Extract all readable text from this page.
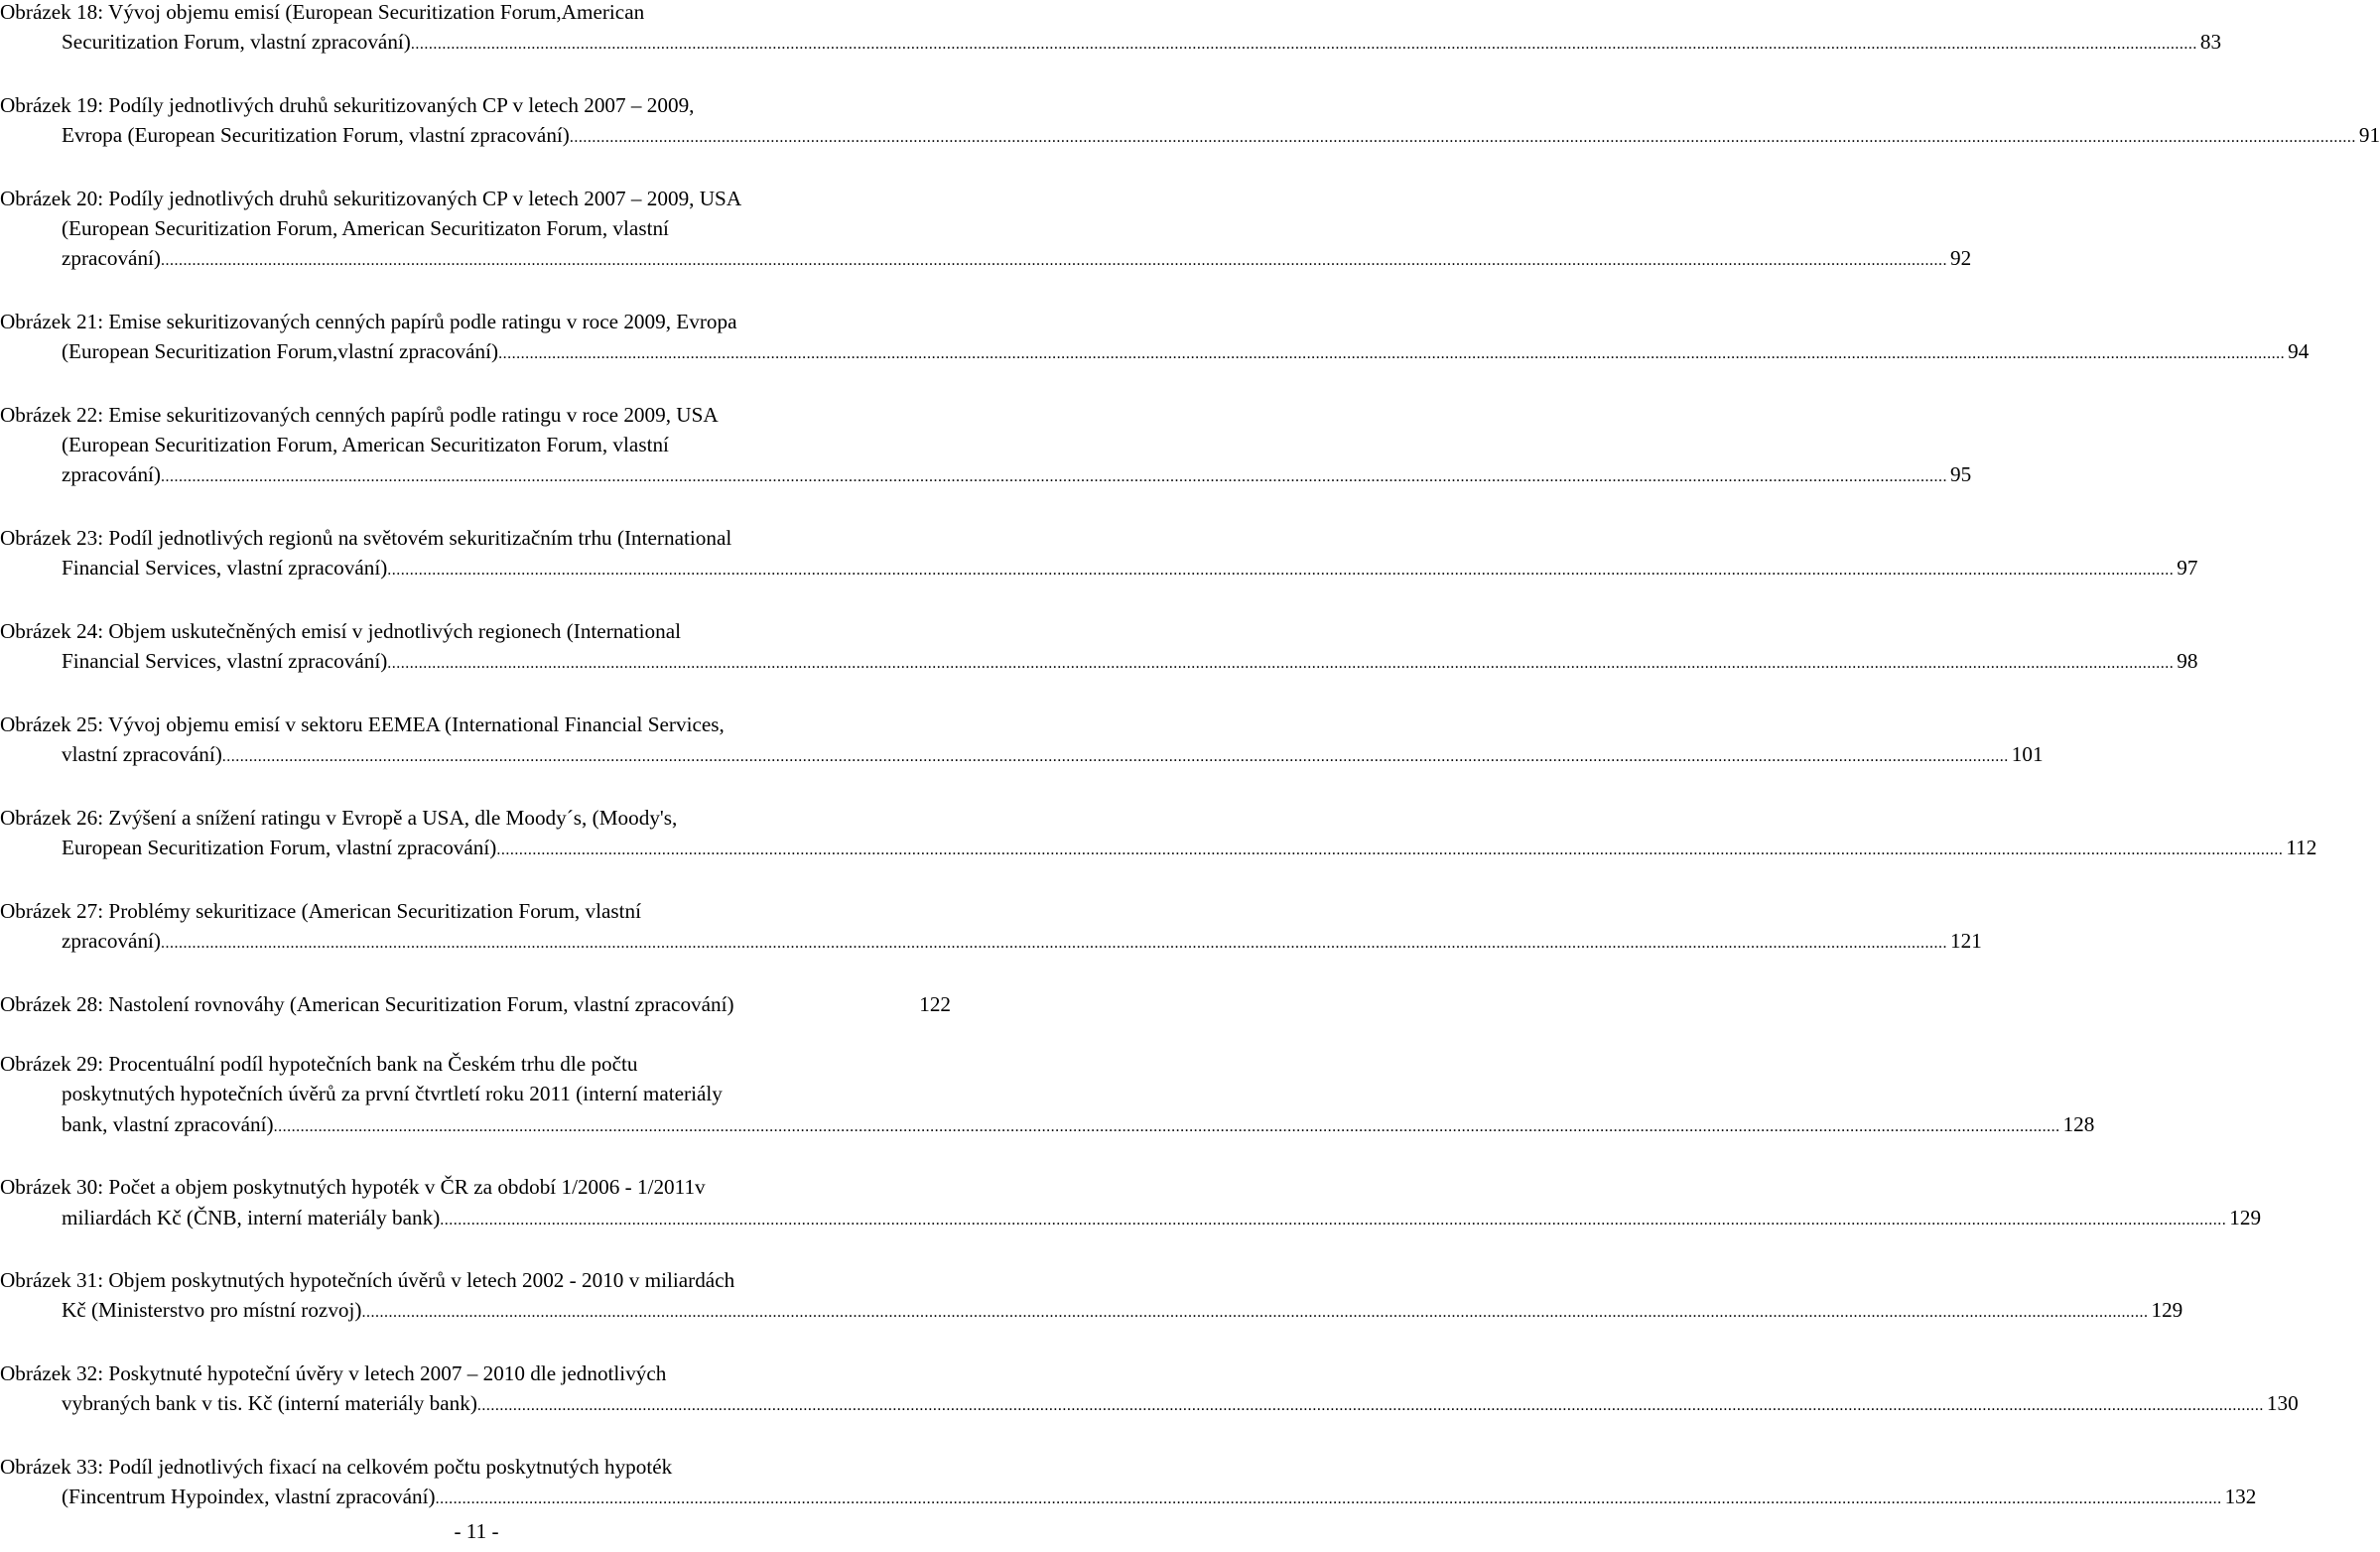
Obrázek 18: Vývoj objemu emisí (European Securitization Forum,American
Securitization Forum, vlastní zpracování) ................................................................................................................................................................................................................................................................................................................................................................................................................ 83
Obrázek 19: Podíly jednotlivých druhů sekuritizovaných CP v letech 2007 – 2009,
Evropa (European Securitization Forum, vlastní zpracování) ................................................................................................................................................................................................................................................................................................................................................................................................................ 91
Obrázek 20: Podíly jednotlivých druhů sekuritizovaných CP v letech 2007 – 2009, USA
(European Securitization Forum, American Securitizaton Forum, vlastní
zpracování) ................................................................................................................................................................................................................................................................................................................................................................................................................ 92
Obrázek 21: Emise sekuritizovaných cenných papírů podle ratingu v roce 2009, Evropa
(European Securitization Forum,vlastní zpracování) ................................................................................................................................................................................................................................................................................................................................................................................................................ 94
Obrázek 22: Emise sekuritizovaných cenných papírů podle ratingu v roce 2009, USA
(European Securitization Forum, American Securitizaton Forum, vlastní
zpracování) ................................................................................................................................................................................................................................................................................................................................................................................................................ 95
Obrázek 23: Podíl jednotlivých regionů na světovém sekuritizačním trhu (International
Financial Services, vlastní zpracování) ................................................................................................................................................................................................................................................................................................................................................................................................................ 97
Obrázek 24: Objem uskutečněných emisí v jednotlivých regionech (International
Financial Services, vlastní zpracování) ................................................................................................................................................................................................................................................................................................................................................................................................................ 98
Obrázek 25: Vývoj objemu emisí v sektoru EEMEA (International Financial Services,
vlastní zpracování) ................................................................................................................................................................................................................................................................................................................................................................................................................ 101
Obrázek 26: Zvýšení a snížení ratingu v Evropě a USA, dle Moody´s, (Moody's,
European Securitization Forum, vlastní zpracování) ................................................................................................................................................................................................................................................................................................................................................................................................................ 112
Obrázek 27: Problémy sekuritizace (American Securitization Forum, vlastní
zpracování) ................................................................................................................................................................................................................................................................................................................................................................................................................ 121
Obrázek 28: Nastolení rovnováhy (American Securitization Forum, vlastní zpracování)	122
Obrázek 29: Procentuální podíl hypotečních bank na Českém trhu dle počtu
poskytnutých hypotečních úvěrů za první čtvrtletí roku 2011 (interní materiály
bank, vlastní zpracování) ................................................................................................................................................................................................................................................................................................................................................................................................................ 128
Obrázek 30: Počet a objem poskytnutých hypoték v ČR za období 1/2006 - 1/2011v
miliardách Kč (ČNB, interní materiály bank) ................................................................................................................................................................................................................................................................................................................................................................................................................ 129
Obrázek 31: Objem poskytnutých hypotečních úvěrů v letech 2002 - 2010 v miliardách
Kč (Ministerstvo pro místní rozvoj) ................................................................................................................................................................................................................................................................................................................................................................................................................ 129
Obrázek 32: Poskytnuté hypoteční úvěry v letech 2007 – 2010 dle jednotlivých
vybraných bank v tis. Kč (interní materiály bank) ................................................................................................................................................................................................................................................................................................................................................................................................................ 130
Obrázek 33: Podíl jednotlivých fixací na celkovém počtu poskytnutých hypoték
(Fincentrum Hypoindex, vlastní zpracování) ................................................................................................................................................................................................................................................................................................................................................................................................................ 132
- 11 -
